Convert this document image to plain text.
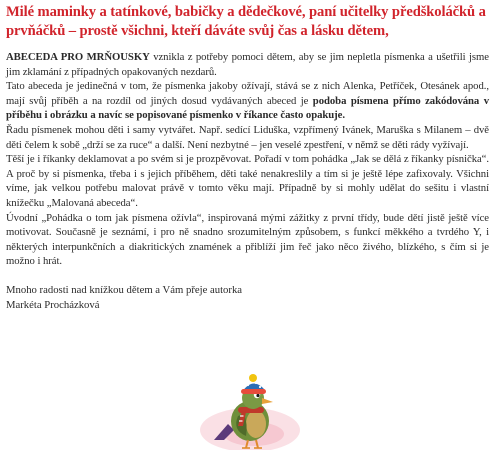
Milé maminky a tatínkové, babičky a dědečkové, paní učitelky předškoláčků a prvňáčků – prostě všichni, kteří dáváte svůj čas a lásku dětem,

ABECEDA PRO MRŇOUSKY vznikla z potřeby pomoci dětem, aby se jim nepletla písmenka a ušetřili jsme jim zklamání z případných opakovaných nezdarů.

Tato abeceda je jedinečná v tom, že písmenka jakoby ožívají, stává se z nich Alenka, Petříček, Otesánek apod., mají svůj příběh a na rozdíl od jiných dosud vydávaných abeced je podoba písmena přímo zakódována v příběhu i obrázku a navíc se popisované písmenko v říkance často opakuje.

Řadu písmenek mohou děti i samy vytvářet. Např. sedící Liduška, vzpřímený Ivánek, Maruška s Milanem – dvě děti čelem k sobě „drží se za ruce“ a další. Není nezbytné – jen veselé zpestření, v němž se děti rády vyžívají.

Těší je i říkanky deklamovat a po svém si je prozpěvovat. Pořadí v tom pohádka „Jak se dělá z říkanky písnička“. A proč by si písmenka, třeba i s jejich příběhem, děti také nenakreslily a tím si je ještě lépe zafixovaly. Všichni víme, jak velkou potřebu malovat právě v tomto věku mají. Případně by si mohly udělat do sešitu i vlastní knížečku „Malovaná abeceda“.

Úvodní „Pohádka o tom jak písmena ožívla“, inspirovaná mými zážitky z první třídy, bude dětí jistě ještě více motivovat. Současně je seznámí, i pro ně snadno srozumitelným způsobem, s funkcí měkkého a tvrdého Y, i některých interpunkčních a diakritických znamének a přiblíží jim řeč jako něco živého, blízkého, s čím si je možno i hrát.

Mnoho radosti nad knížkou dětem a Vám přeje autorka

Markéta Procházková
